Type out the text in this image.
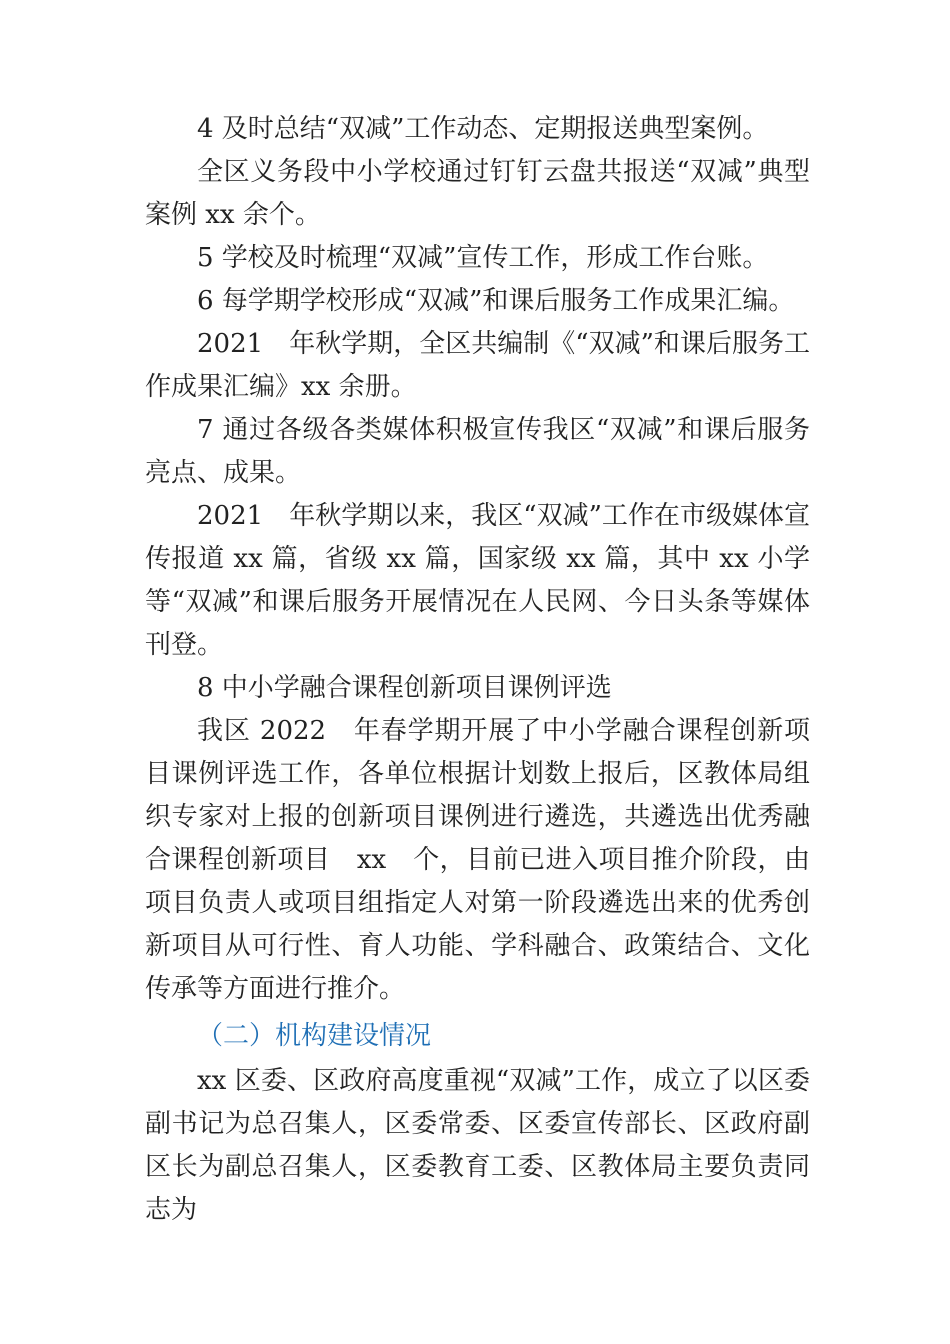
4 及时总结“双减”工作动态、定期报送典型案例。

全区义务段中小学校通过钉钉云盘共报送“双减”典型案例 xx 余个。

5 学校及时梳理“双减”宣传工作，形成工作台账。

6 每学期学校形成“双减”和课后服务工作成果汇编。

2021　年秋学期，全区共编制《“双减”和课后服务工作成果汇编》xx 余册。

7 通过各级各类媒体积极宣传我区“双减”和课后服务亮点、成果。

2021　年秋学期以来，我区“双减”工作在市级媒体宣传报道 xx 篇，省级 xx 篇，国家级 xx 篇，其中 xx 小学等“双减”和课后服务开展情况在人民网、今日头条等媒体刊登。

8 中小学融合课程创新项目课例评选

我区 2022　年春学期开展了中小学融合课程创新项目课例评选工作，各单位根据计划数上报后，区教体局组织专家对上报的创新项目课例进行遴选，共遴选出优秀融合课程创新项目　xx　个，目前已进入项目推介阶段，由项目负责人或项目组指定人对第一阶段遴选出来的优秀创新项目从可行性、育人功能、学科融合、政策结合、文化传承等方面进行推介。

（二）机构建设情况

xx 区委、区政府高度重视“双减”工作，成立了以区委副书记为总召集人，区委常委、区委宣传部长、区政府副区长为副总召集人，区委教育工委、区教体局主要负责同志为
